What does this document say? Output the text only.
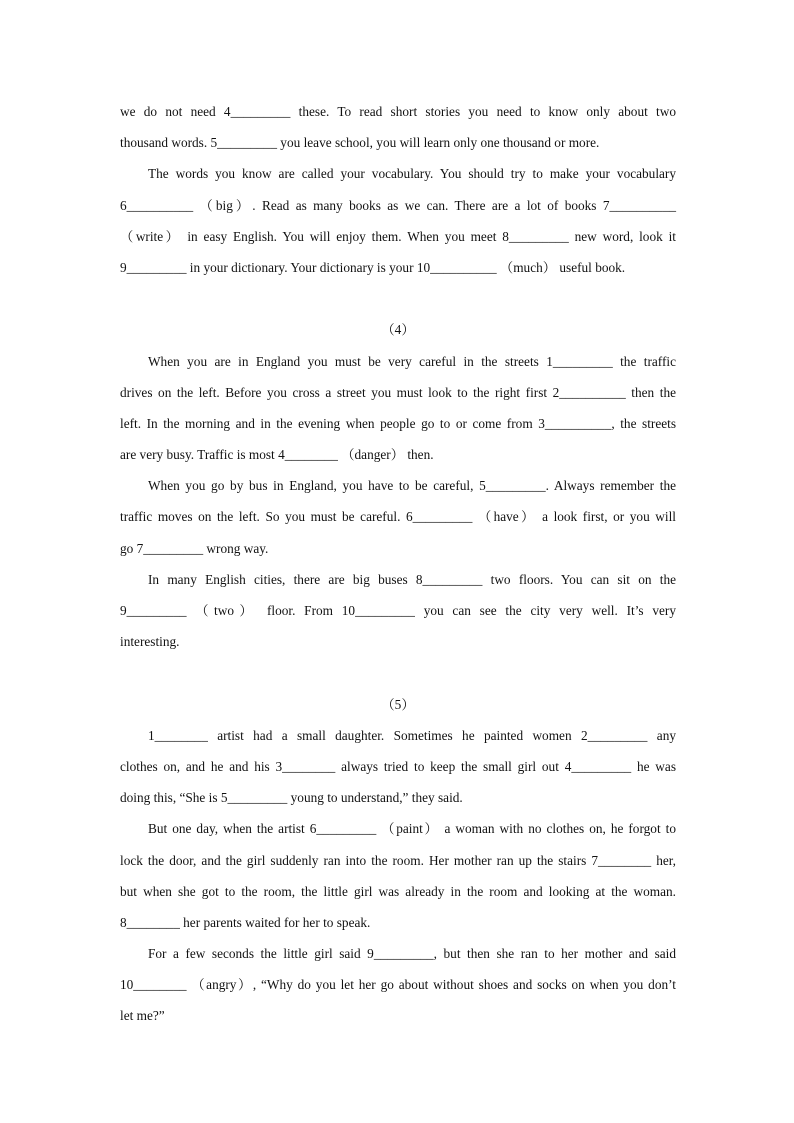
we do not need 4_________ these. To read short stories you need to know only about two

thousand words. 5_________ you leave school, you will learn only one thousand or more.

The words you know are called your vocabulary. You should try to make your vocabulary

6__________ （big）. Read as many books as we can. There are a lot of books 7__________

（write） in easy English. You will enjoy them. When you meet 8_________ new word, look it

9_________ in your dictionary. Your dictionary is your 10__________ （much） useful book.

（4）

When you are in England you must be very careful in the streets 1_________ the traffic

drives on the left. Before you cross a street you must look to the right first 2__________ then the

left. In the morning and in the evening when people go to or come from 3__________, the streets

are very busy. Traffic is most 4________ （danger） then.

When you go by bus in England, you have to be careful, 5_________. Always remember the

traffic moves on the left. So you must be careful. 6_________ （have） a look first, or you will

go 7_________ wrong way.

In many English cities, there are big buses 8_________ two floors. You can sit on the

9_________ （two） floor. From 10_________ you can see the city very well. It’s very

interesting.

（5）

1________ artist had a small daughter. Sometimes he painted women 2_________ any

clothes on, and he and his 3________ always tried to keep the small girl out 4_________ he was

doing this, “She is 5_________ young to understand,” they said.

But one day, when the artist 6_________ （paint） a woman with no clothes on, he forgot to

lock the door, and the girl suddenly ran into the room. Her mother ran up the stairs 7________ her,

but when she got to the room, the little girl was already in the room and looking at the woman.

8________ her parents waited for her to speak.

For a few seconds the little girl said 9_________, but then she ran to her mother and said

10________ （angry）, “Why do you let her go about without shoes and socks on when you don’t

let me?”
